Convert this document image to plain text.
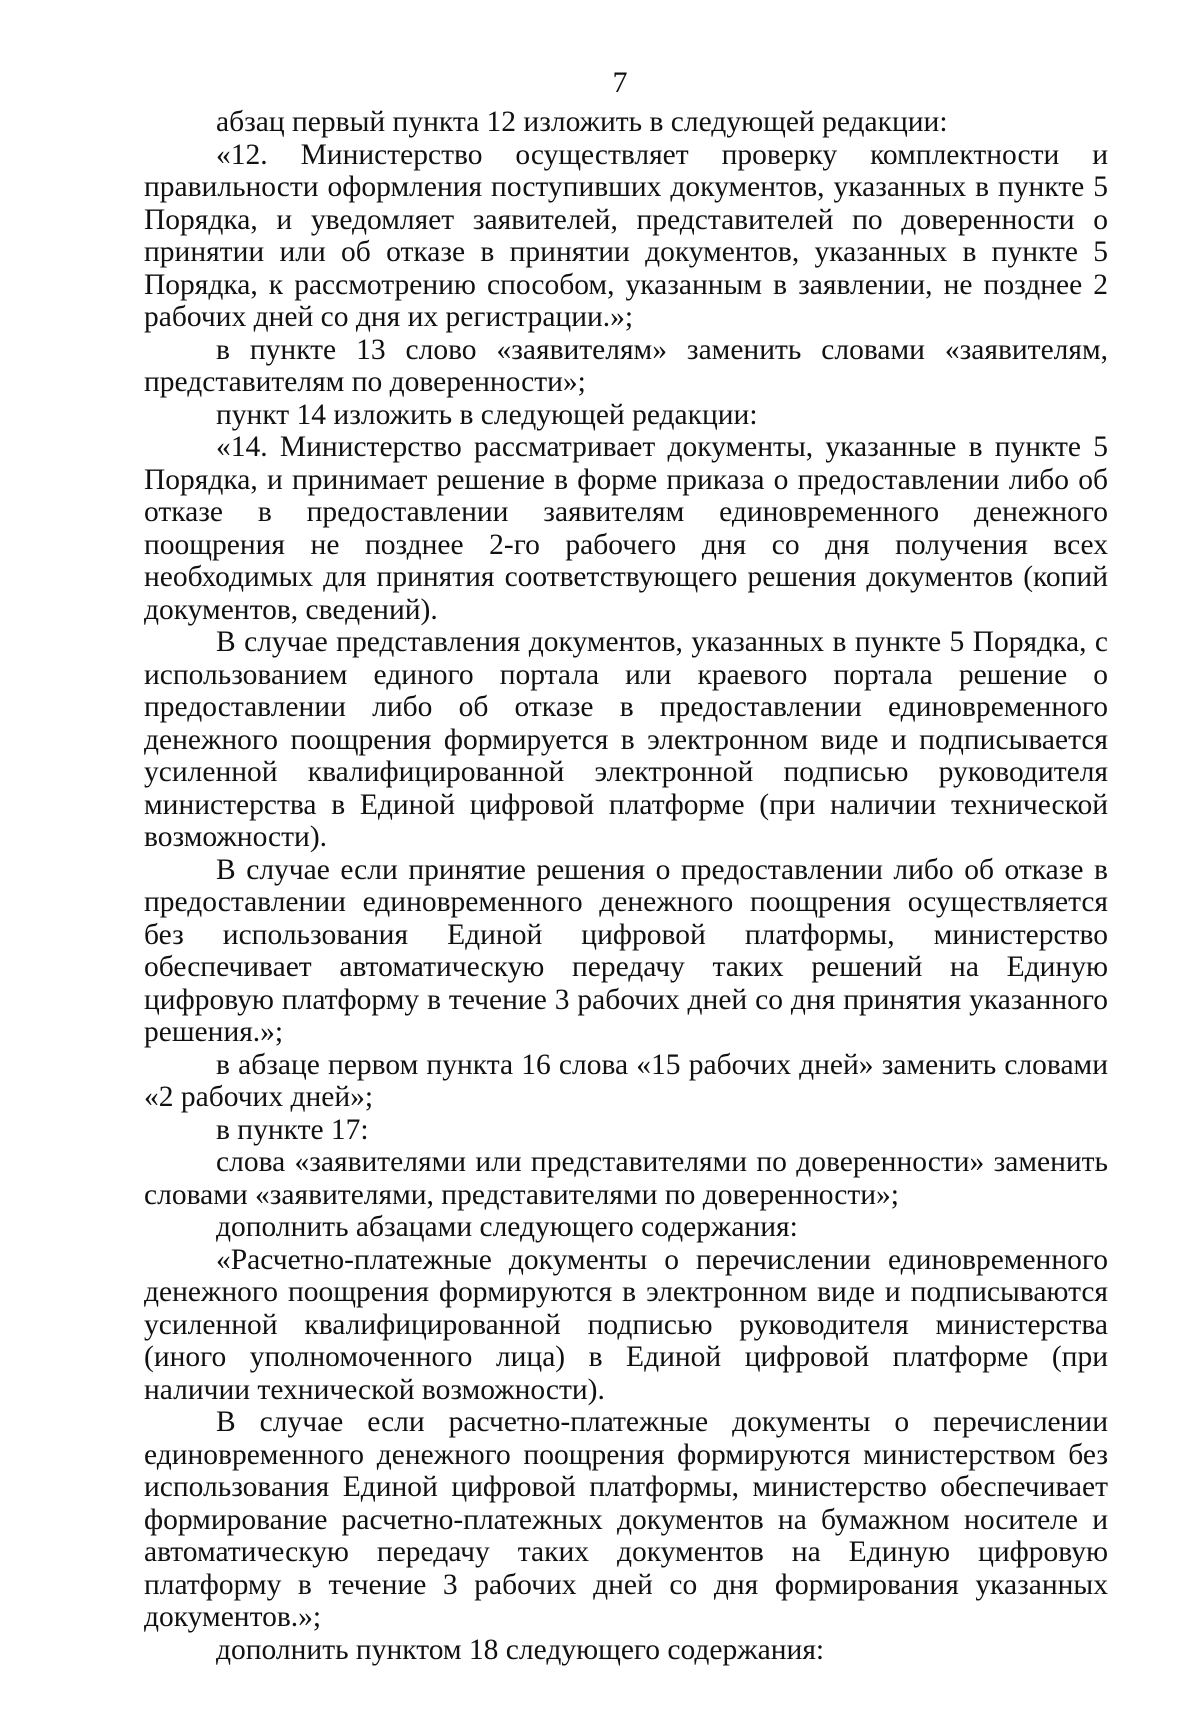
7

абзац первый пункта 12 изложить в следующей редакции:

«12. Министерство осуществляет проверку комплектности и правильности оформления поступивших документов, указанных в пункте 5 Порядка, и уведомляет заявителей, представителей по доверенности о принятии или об отказе в принятии документов, указанных в пункте 5 Порядка, к рассмотрению способом, указанным в заявлении, не позднее 2 рабочих дней со дня их регистрации.»;

в пункте 13 слово «заявителям» заменить словами «заявителям, представителям по доверенности»;

пункт 14 изложить в следующей редакции:

«14. Министерство рассматривает документы, указанные в пункте 5 Порядка, и принимает решение в форме приказа о предоставлении либо об отказе в предоставлении заявителям единовременного денежного поощрения не позднее 2-го рабочего дня со дня получения всех необходимых для принятия соответствующего решения документов (копий документов, сведений).

В случае представления документов, указанных в пункте 5 Порядка, с использованием единого портала или краевого портала решение о предоставлении либо об отказе в предоставлении единовременного денежного поощрения формируется в электронном виде и подписывается усиленной квалифицированной электронной подписью руководителя министерства в Единой цифровой платформе (при наличии технической возможности).

В случае если принятие решения о предоставлении либо об отказе в предоставлении единовременного денежного поощрения осуществляется без использования Единой цифровой платформы, министерство обеспечивает автоматическую передачу таких решений на Единую цифровую платформу в течение 3 рабочих дней со дня принятия указанного решения.»;

в абзаце первом пункта 16 слова «15 рабочих дней» заменить словами «2 рабочих дней»;

в пункте 17:

слова «заявителями или представителями по доверенности» заменить словами «заявителями, представителями по доверенности»;

дополнить абзацами следующего содержания:

«Расчетно-платежные документы о перечислении единовременного денежного поощрения формируются в электронном виде и подписываются усиленной квалифицированной подписью руководителя министерства (иного уполномоченного лица) в Единой цифровой платформе (при наличии технической возможности).

В случае если расчетно-платежные документы о перечислении единовременного денежного поощрения формируются министерством без использования Единой цифровой платформы, министерство обеспечивает формирование расчетно-платежных документов на бумажном носителе и автоматическую передачу таких документов на Единую цифровую платформу в течение 3 рабочих дней со дня формирования указанных документов.»;

дополнить пунктом 18 следующего содержания:
